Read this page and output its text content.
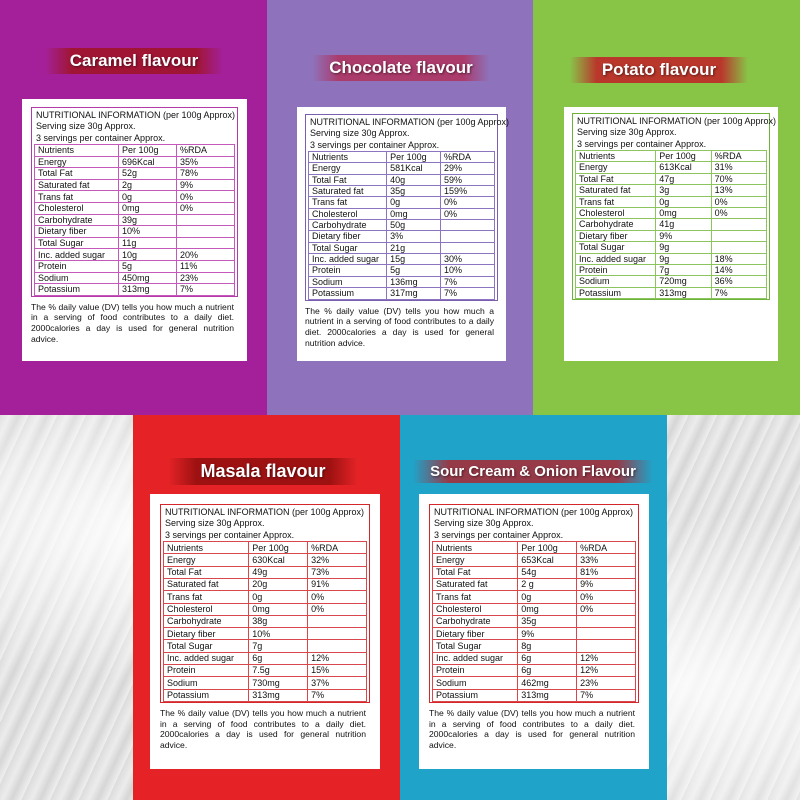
Caramel flavour	Chocolate flavour	Potato flavour
Masala flavour	Sour Cream & Onion Flavour
NUTRITIONAL INFORMATION (per 100g Approx)
Serving size 30g Approx.
3 servings per container Approx.
Nutrients	Per 100g	%RDA
Energy	696Kcal	35%
Total Fat	52g	78%
Saturated fat	2g	9%
Trans fat	0g	0%
Cholesterol	0mg	0%
Carbohydrate	39g	
Dietary fiber	10%	
Total Sugar	11g	
Inc. added sugar	10g	20%
Protein	5g	11%
Sodium	450mg	23%
Potassium	313mg	7%
The % daily value (DV) tells you how much a nutrient in a serving of food contributes to a daily diet. 2000calories a day is used for general nutrition advice.
NUTRITIONAL INFORMATION (per 100g Approx)
Serving size 30g Approx.
3 servings per container Approx.
Nutrients	Per 100g	%RDA
Energy	581Kcal	29%
Total Fat	40g	59%
Saturated fat	35g	159%
Trans fat	0g	0%
Cholesterol	0mg	0%
Carbohydrate	50g	
Dietary fiber	3%	
Total Sugar	21g	
Inc. added sugar	15g	30%
Protein	5g	10%
Sodium	136mg	7%
Potassium	317mg	7%
The % daily value (DV) tells you how much a nutrient in a serving of food contributes to a daily diet. 2000calories a day is used for general nutrition advice.
NUTRITIONAL INFORMATION (per 100g Approx)
Serving size 30g Approx.
3 servings per container Approx.
Nutrients	Per 100g	%RDA
Energy	613Kcal	31%
Total Fat	47g	70%
Saturated fat	3g	13%
Trans fat	0g	0%
Cholesterol	0mg	0%
Carbohydrate	41g	
Dietary fiber	9%	
Total Sugar	9g	
Inc. added sugar	9g	18%
Protein	7g	14%
Sodium	720mg	36%
Potassium	313mg	7%
NUTRITIONAL INFORMATION (per 100g Approx)
Serving size 30g Approx.
3 servings per container Approx.
Nutrients	Per 100g	%RDA
Energy	630Kcal	32%
Total Fat	49g	73%
Saturated fat	20g	91%
Trans fat	0g	0%
Cholesterol	0mg	0%
Carbohydrate	38g	
Dietary fiber	10%	
Total Sugar	7g	
Inc. added sugar	6g	12%
Protein	7.5g	15%
Sodium	730mg	37%
Potassium	313mg	7%
The % daily value (DV) tells you how much a nutrient in a serving of food contributes to a daily diet. 2000calories a day is used for general nutrition advice.
NUTRITIONAL INFORMATION (per 100g Approx)
Serving size 30g Approx.
3 servings per container Approx.
Nutrients	Per 100g	%RDA
Energy	653Kcal	33%
Total Fat	54g	81%
Saturated fat	2 g	9%
Trans fat	0g	0%
Cholesterol	0mg	0%
Carbohydrate	35g	
Dietary fiber	9%	
Total Sugar	8g	
Inc. added sugar	6g	12%
Protein	6g	12%
Sodium	462mg	23%
Potassium	313mg	7%
The % daily value (DV) tells you how much a nutrient in a serving of food contributes to a daily diet. 2000calories a day is used for general nutrition advice.
